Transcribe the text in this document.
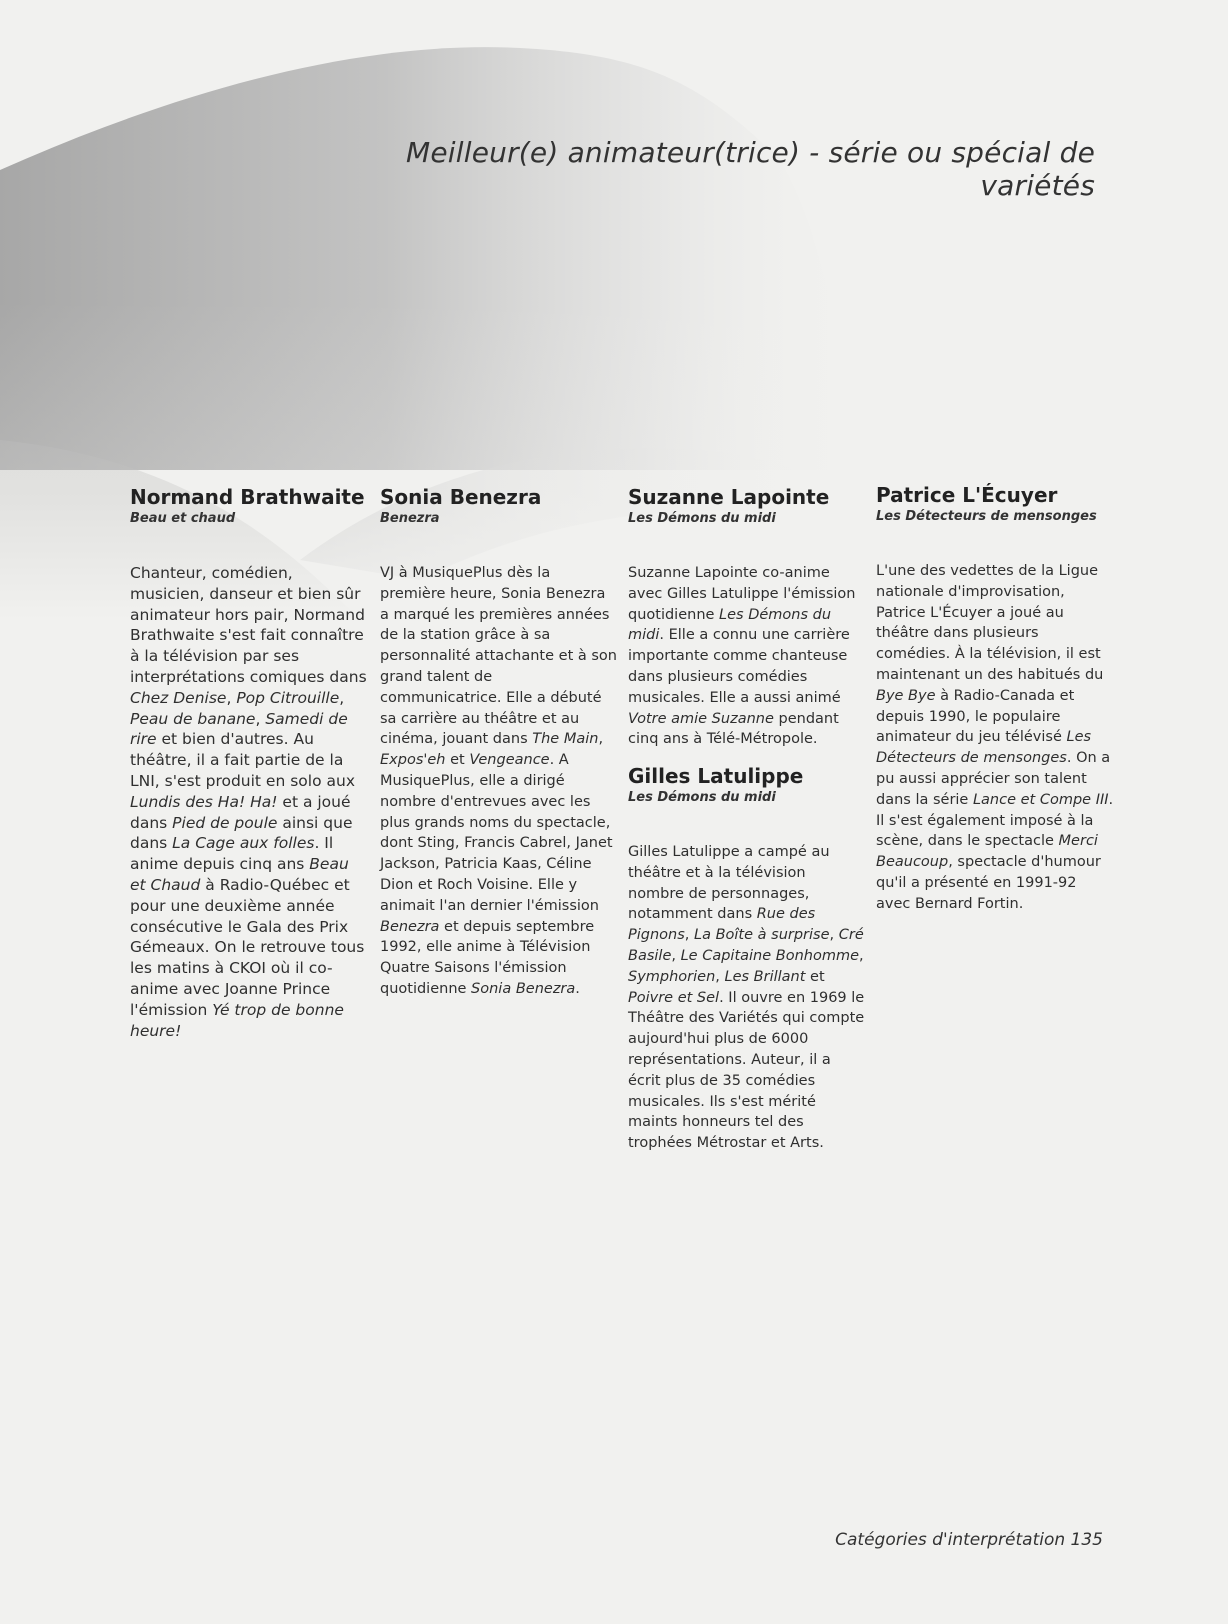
Meilleur(e) animateur(trice) - série ou spécial de variétés
Normand Brathwaite
Beau et chaud

Chanteur, comédien, musicien, danseur et bien sûr animateur hors pair, Normand Brathwaite s'est fait connaître à la télévision par ses interprétations comiques dans Chez Denise, Pop Citrouille, Peau de banane, Samedi de rire et bien d'autres. Au théâtre, il a fait partie de la LNI, s'est produit en solo aux Lundis des Ha! Ha! et a joué dans Pied de poule ainsi que dans La Cage aux folles. Il anime depuis cinq ans Beau et Chaud à Radio-Québec et pour une deuxième année consécutive le Gala des Prix Gémeaux. On le retrouve tous les matins à CKOI où il co-anime avec Joanne Prince l'émission Yé trop de bonne heure!

Sonia Benezra
Benezra

VJ à MusiquePlus dès la première heure, Sonia Benezra a marqué les premières années de la station grâce à sa personnalité attachante et à son grand talent de communicatrice. Elle a débuté sa carrière au théâtre et au cinéma, jouant dans The Main, Expos'eh et Vengeance. A MusiquePlus, elle a dirigé nombre d'entrevues avec les plus grands noms du spectacle, dont Sting, Francis Cabrel, Janet Jackson, Patricia Kaas, Céline Dion et Roch Voisine. Elle y animait l'an dernier l'émission Benezra et depuis septembre 1992, elle anime à Télévision Quatre Saisons l'émission quotidienne Sonia Benezra.

Suzanne Lapointe
Les Démons du midi

Suzanne Lapointe co-anime avec Gilles Latulippe l'émission quotidienne Les Démons du midi. Elle a connu une carrière importante comme chanteuse dans plusieurs comédies musicales. Elle a aussi animé Votre amie Suzanne pendant cinq ans à Télé-Métropole.

Gilles Latulippe
Les Démons du midi

Gilles Latulippe a campé au théâtre et à la télévision nombre de personnages, notamment dans Rue des Pignons, La Boîte à surprise, Cré Basile, Le Capitaine Bonhomme, Symphorien, Les Brillant et Poivre et Sel. Il ouvre en 1969 le Théâtre des Variétés qui compte aujourd'hui plus de 6000 représentations. Auteur, il a écrit plus de 35 comédies musicales. Ils s'est mérité maints honneurs tel des trophées Métrostar et Arts.

Patrice L'Écuyer
Les Détecteurs de mensonges

L'une des vedettes de la Ligue nationale d'improvisation, Patrice L'Écuyer a joué au théâtre dans plusieurs comédies. À la télévision, il est maintenant un des habitués du Bye Bye à Radio-Canada et depuis 1990, le populaire animateur du jeu télévisé Les Détecteurs de mensonges. On a pu aussi apprécier son talent dans la série Lance et Compe III. Il s'est également imposé à la scène, dans le spectacle Merci Beaucoup, spectacle d'humour qu'il a présenté en 1991-92 avec Bernard Fortin.

Catégories d'interprétation 135
